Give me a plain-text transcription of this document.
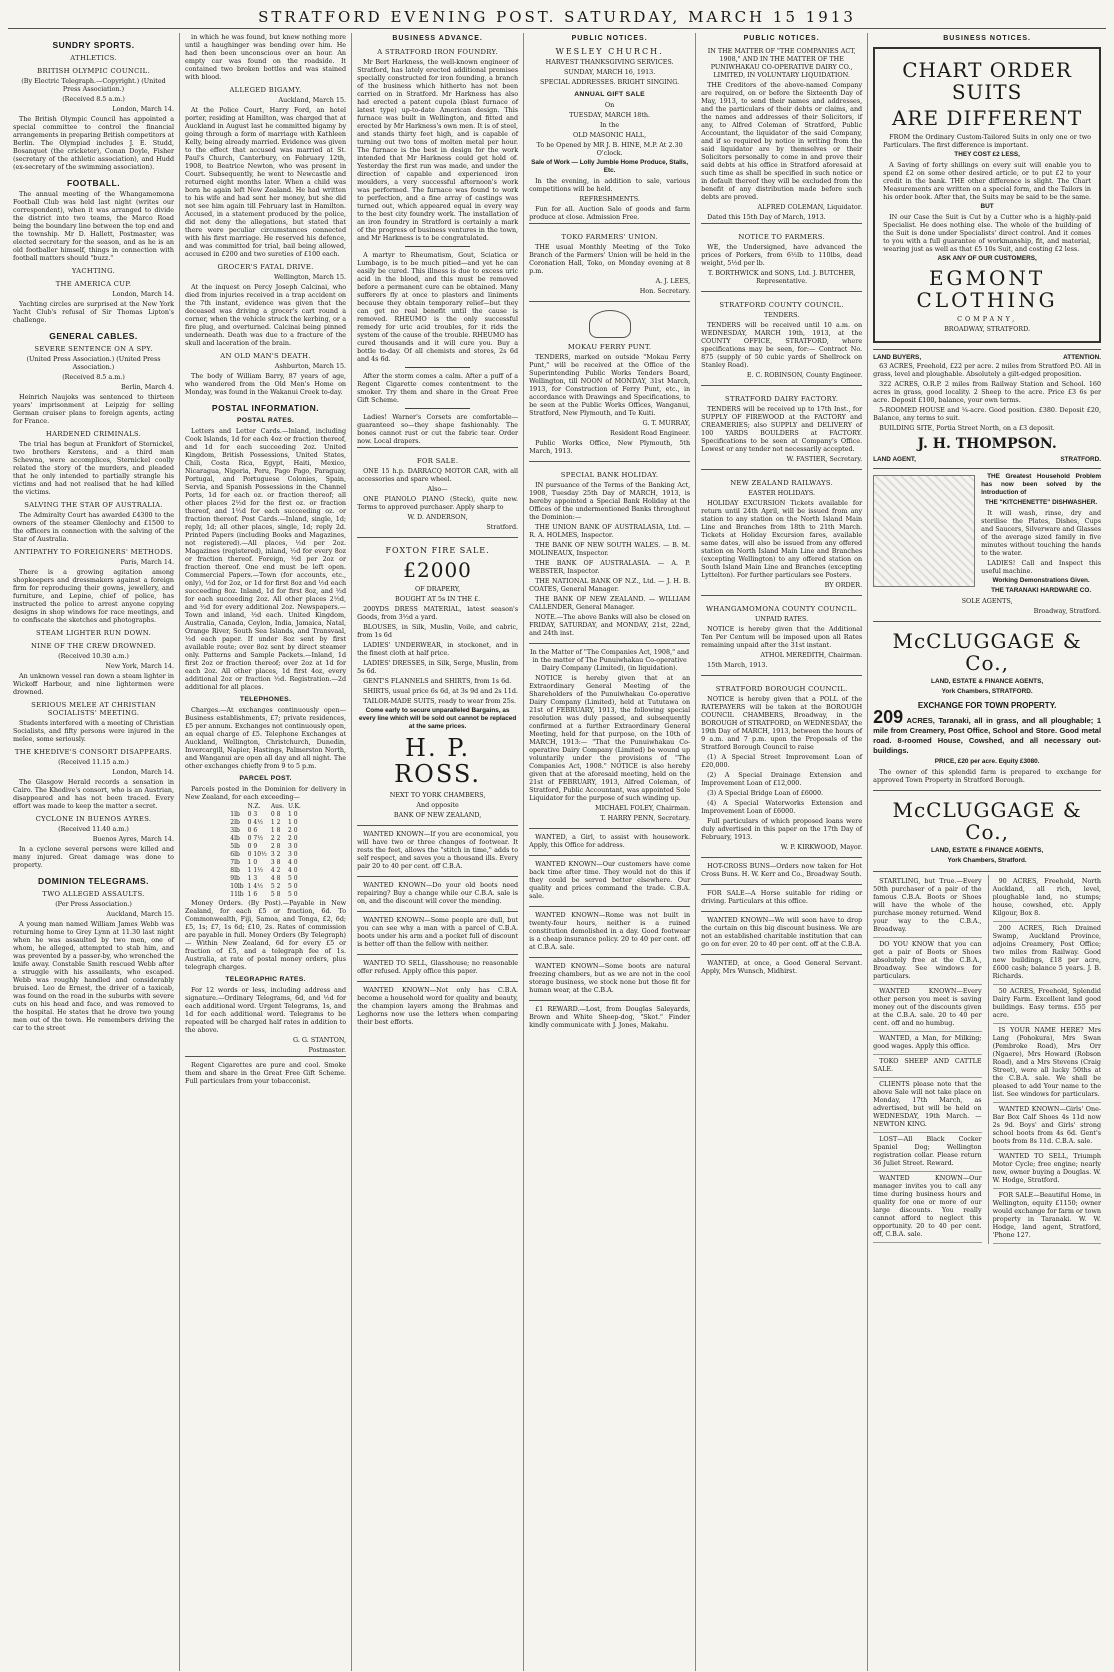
STRATFORD EVENING POST. SATURDAY, MARCH 15 1913
SUNDRY SPORTS.
ATHLETICS.
BRITISH OLYMPIC COUNCIL.

(By Electric Telegraph.—Copyright.) (United Press Association.)

(Received 8.5 a.m.)

London, March 14.

The British Olympic Council has appointed a special committee to control the financial arrangements in preparing British competitors at Berlin. The Olympiad includes J. E. Studd, Bosanquet (the cricketer), Conan Doyle, Fisher (secretary of the athletic association), and Hudd (ex-secretary of the swimming association).

FOOTBALL.

The annual meeting of the Whangamomona Football Club was held last night (writes our correspondent), when it was arranged to divide the district into two teams, the Marco Road being the boundary line between the top end and the township. Mr D. Hallett, Postmaster, was elected secretary for the season, and as he is an old footballer himself, things in connection with football matters should "buzz."

YACHTING.
THE AMERICA CUP.

London, March 14.

Yachting circles are surprised at the New York Yacht Club's refusal of Sir Thomas Lipton's challenge.

GENERAL CABLES.
SEVERE SENTENCE ON A SPY.

(United Press Association.) (United Press Association.)

(Received 8.5 a.m.)

Berlin, March 4.

Heinrich Naujoks was sentenced to thirteen years' imprisonment at Leipzig for selling German cruiser plans to foreign agents, acting for France.

HARDENED CRIMINALS.

The trial has begun at Frankfort of Sternickel, two brothers Kerstens, and a third man Schewna, were accomplices, Sternickel coolly related the story of the murders, and pleaded that he only intended to partially strangle his victims and had not realised that he had killed the victims.

SALVING THE STAR OF AUSTRALIA.

The Admiralty Court has awarded £4300 to the owners of the steamer Glenlochy and £1500 to the officers in connection with the salving of the Star of Australia.

ANTIPATHY TO FOREIGNERS' METHODS.

Paris, March 14.

There is a growing agitation among shopkeepers and dressmakers against a foreign firm for reproducing their gowns, jewellery, and furniture, and Lepine, chief of police, has instructed the police to arrest anyone copying designs in shop windows for race meetings, and to confiscate the sketches and photographs.

STEAM LIGHTER RUN DOWN.
NINE OF THE CREW DROWNED.

(Received 10.30 a.m.)

New York, March 14.

An unknown vessel ran down a steam lighter in Wickoff Harbour, and nine lightermen were drowned.

SERIOUS MELEE AT CHRISTIAN SOCIALISTS' MEETING.

Students interfered with a meeting of Christian Socialists, and fifty persons were injured in the melee, some seriously.

THE KHEDIVE'S CONSORT DISAPPEARS.

(Received 11.15 a.m.)

London, March 14.

The Glasgow Herald records a sensation in Cairo. The Khedive's consort, who is an Austrian, disappeared and has not been traced. Every effort was made to keep the matter a secret.

CYCLONE IN BUENOS AYRES.

(Received 11.40 a.m.)

Buenos Ayres, March 14.

In a cyclone several persons were killed and many injured. Great damage was done to property.

DOMINION TELEGRAMS.
TWO ALLEGED ASSAULTS.

(Per Press Association.)

Auckland, March 15.

A young man named William James Webb was returning home to Grey Lynn at 11.30 last night when he was assaulted by two men, one of whom, he alleged, attempted to stab him, and was prevented by a passer-by, who wrenched the knife away. Constable Smith rescued Webb after a struggle with his assailants, who escaped. Webb was roughly handled and considerably bruised. Leo de Ernest, the driver of a taxicab, was found on the road in the suburbs with severe cuts on his head and face, and was removed to the hospital. He states that he drove two young men out of the town. He remembers driving the car to the street

in which he was found, but knew nothing more until a haughinger was bending over him. He had then been unconscious over an hour. An empty car was found on the roadside. It contained two broken bottles and was stained with blood.

ALLEGED BIGAMY.

Auckland, March 15.

At the Police Court, Harry Ford, an hotel porter, residing at Hamilton, was charged that at Auckland in August last he committed bigamy by going through a form of marriage with Kathleen Kelly, being already married. Evidence was given to the effect that accused was married at St. Paul's Church, Canterbury, on February 12th, 1908, to Beatrice Newton, who was present in Court. Subsequently, he went to Newcastle and returned eight months later. When a child was born he again left New Zealand. He had written to his wife and had sent her money, but she did not see him again till February last in Hamilton. Accused, in a statement produced by the police, did not deny the allegations, but stated that there were peculiar circumstances connected with his first marriage. He reserved his defence, and was committed for trial, bail being allowed, accused in £200 and two sureties of £100 each.

GROCER'S FATAL DRIVE.

Wellington, March 15.

At the inquest on Percy Joseph Calcinai, who died from injuries received in a trap accident on the 7th instant, evidence was given that the deceased was driving a grocer's cart round a corner, when the vehicle struck the kerbing, or a fire plug, and overturned. Calcinai being pinned underneath. Death was due to a fracture of the skull and laceration of the brain.

AN OLD MAN'S DEATH.

Ashburton, March 15.

The body of William Barry, 87 years of age, who wandered from the Old Men's Home on Monday, was found in the Wakanui Creek to-day.

POSTAL INFORMATION.
POSTAL RATES.

Letters and Letter Cards.—Inland, including Cook Islands, 1d for each 4oz or fraction thereof, and 1d for each succeeding 2oz. United Kingdom, British Possessions, United States, Chili, Costa Rica, Egypt, Haiti, Mexico, Nicaragua, Nigeria, Peru, Pago Pago, Paraguay, Portugal, and Portuguese Colonies, Spain, Servia, and Spanish Possessions in the Channel Ports, 1d for each oz. or fraction thereof; all other places 2½d for the first oz. or fraction thereof, and 1½d for each succeeding oz. or fraction thereof. Post Cards.—Inland, single, 1d; reply, 1d; all other places, single, 1d; reply 2d. Printed Papers (including Books and Magazines, not registered).—All places, ½d per 2oz. Magazines (registered), inland, ½d for every 8oz or fraction thereof. Foreign, ½d per 2oz or fraction thereof. One end must be left open. Commercial Papers.—Town (for accounts, etc., only), ½d for 2oz, or 1d for first 8oz and ½d each succeeding 8oz. Inland, 1d for first 8oz, and ½d for each succeeding 2oz. All other places 2½d, and ½d for every additional 2oz. Newspapers.—Town and inland, ½d each. United Kingdom, Australia, Canada, Ceylon, India, Jamaica, Natal, Orange River, South Sea Islands, and Transvaal, ½d each paper. If under 8oz sent by first available route; over 8oz sent by direct steamer only. Patterns and Sample Packets.—Inland, 1d first 2oz or fraction thereof; over 2oz at 1d for each 2oz. All other places, 1d first 4oz, every additional 2oz or fraction ½d. Registration.—2d additional for all places.

TELEPHONES.

Charges.—At exchanges continuously open—Business establishments, £7; private residences, £5 per annum. Exchanges not continuously open, an equal charge of £5. Telephone Exchanges at Auckland, Wellington, Christchurch, Dunedin, Invercargill, Napier, Hastings, Palmerston North, and Wanganui are open all day and all night. The other exchanges chiefly from 9 to 5 p.m.

PARCEL POST.

Parcels posted in the Dominion for delivery in New Zealand, for each exceeding—

	N.Z.	Aus.	U.K.
1lb	0 3	0 8	1 0
2lb	0 4½	1 2	1 0
3lb	0 6	1 8	2 0
4lb	0 7½	2 2	2 0
5lb	0 9	2 8	3 0
6lb	0 10½	3 2	3 0
7lb	1 0	3 8	4 0
8lb	1 1½	4 2	4 0
9lb	1 3	4 8	5 0
10lb	1 4½	5 2	5 0
11lb	1 6	5 8	5 0

Money Orders. (By Post).—Payable in New Zealand, for each £5 or fraction, 6d. To Commonwealth, Fiji, Samoa, and Tonga, £2, 6d; £5, 1s; £7, 1s 6d; £10, 2s. Rates of commission are payable in full. Money Orders (By Telegraph) — Within New Zealand, 6d for every £5 or fraction of £5, and a telegraph fee of 1s. Australia, at rate of postal money orders, plus telegraph charges.

TELEGRAPHIC RATES.

For 12 words or less, including address and signature.—Ordinary Telegrams, 6d, and ½d for each additional word. Urgent Telegrams, 1s, and 1d for each additional word. Telegrams to be repeated will be charged half rates in addition to the above.

G. G. STANTON,

Postmaster.

Regent Cigarettes are pure and cool. Smoke them and share in the Great Free Gift Scheme. Full particulars from your tobacconist.

BUSINESS ADVANCE.
A STRATFORD IRON FOUNDRY.

Mr Bert Harkness, the well-known engineer of Stratford, has lately erected additional premises specially constructed for iron founding, a branch of the business which hitherto has not been carried on in Stratford. Mr Harkness has also had erected a patent cupola (blast furnace of latest type) up-to-date American design. This furnace was built in Wellington, and fitted and erected by Mr Harkness's own men. It is of steel, and stands thirty feet high, and is capable of turning out two tons of molten metal per hour. The furnace is the best in design for the work intended that Mr Harkness could get hold of. Yesterday the first run was made, and under the direction of capable and experienced iron moulders, a very successful afternoon's work was performed. The furnace was found to work to perfection, and a fine array of castings was turned out, which appeared equal in every way to the best city foundry work. The installation of an iron foundry in Stratford is certainly a mark of the progress of business ventures in the town, and Mr Harkness is to be congratulated.

A martyr to Rheumatism, Gout, Sciatica or Lumbago, is to be much pitied—and yet he can easily be cured. This illness is due to excess uric acid in the blood, and this must be removed before a permanent cure can be obtained. Many sufferers fly at once to plasters and liniments because they obtain temporary relief—but they can get no real benefit until the cause is removed. RHEUMO is the only successful remedy for uric acid troubles, for it rids the system of the cause of the trouble. RHEUMO has cured thousands and it will cure you. Buy a bottle to-day. Of all chemists and stores, 2s 6d and 4s 6d.

After the storm comes a calm. After a puff of a Regent Cigarette comes contentment to the smoker. Try them and share in the Great Free Gift Scheme.

Ladies! Warner's Corsets are comfortable—guaranteed so—they shape fashionably. The bones cannot rust or cut the fabric tear. Order now. Local drapers.

FOR SALE.

ONE 15 h.p. DARRACQ MOTOR CAR, with all accessories and spare wheel.

Also—

ONE PIANOLO PIANO (Steck), quite new. Terms to approved purchaser. Apply sharp to

W. D. ANDERSON,

Stratford.

FOXTON FIRE SALE.
£2000

OF DRAPERY,

BOUGHT AT 5s IN THE £.

200YDS DRESS MATERIAL, latest season's Goods, from 3½d a yard.

BLOUSES, in Silk, Muslin, Voile, and cabric, from 1s 6d

LADIES' UNDERWEAR, in stockonet, and in the finest cloth at half price.

LADIES' DRESSES, in Silk, Serge, Muslin, from 5s 6d.

GENT'S FLANNELS and SHIRTS, from 1s 6d.

SHIRTS, usual price 6s 6d, at 3s 9d and 2s 11d.

TAILOR-MADE SUITS, ready to wear from 25s.

Come early to secure unparalleled Bargains, as every line which will be sold out cannot be replaced at the same prices.

H. P. ROSS.

NEXT TO YORK CHAMBERS,

And opposite

BANK OF NEW ZEALAND,

WANTED KNOWN—If you are economical, you will have two or three changes of footwear. It rests the feet, allows the "stitch in time," adds to self respect, and saves you a thousand ills. Every pair 20 to 40 per cent. off C.B.A.

WANTED KNOWN—Do your old boots need repairing? Buy a change while our C.B.A. sale is on, and the discount will cover the mending.

WANTED KNOWN—Some people are dull, but you can see why a man with a parcel of C.B.A. boots under his arm and a pocket full of discount is better off than the fellow with neither.

WANTED TO SELL, Glasshouse; no reasonable offer refused. Apply office this paper.

WANTED KNOWN—Not only has C.B.A. become a household word for quality and beauty, the champion layers among the Brahmas and Leghorns now use the letters when comparing their best efforts.

PUBLIC NOTICES.
WESLEY CHURCH.

HARVEST THANKSGIVING SERVICES.

SUNDAY, MARCH 16, 1913.

SPECIAL ADDRESSES. BRIGHT SINGING.

ANNUAL GIFT SALE

On

TUESDAY, MARCH 18th.

In the

OLD MASONIC HALL,

To be Opened by MR J. B. HINE, M.P. At 2.30 O'clock.

Sale of Work — Lolly Jumble Home Produce, Stalls, Etc.

In the evening, in addition to sale, various competitions will be held.

REFRESHMENTS.

Fun for all. Auction Sale of goods and farm produce at close. Admission Free.

TOKO FARMERS' UNION.

THE usual Monthly Meeting of the Toko Branch of the Farmers' Union will be held in the Coronation Hall, Toko, on Monday evening at 8 p.m.

A. J. LEES,

Hon. Secretary.

MOKAU FERRY PUNT.

TENDERS, marked on outside "Mokau Ferry Punt," will be received at the Office of the Superintending Public Works Tenders Board, Wellington, till NOON of MONDAY, 31st March, 1913, for Construction of Ferry Punt, etc., in accordance with Drawings and Specifications, to be seen at the Public Works Offices, Wanganui, Stratford, New Plymouth, and Te Kuiti.

G. T. MURRAY,

Resident Road Engineer.

Public Works Office, New Plymouth, 5th March, 1913.

SPECIAL BANK HOLIDAY.

IN pursuance of the Terms of the Banking Act, 1908, Tuesday 25th Day of MARCH, 1913, is hereby appointed a Special Bank Holiday at the Offices of the undermentioned Banks throughout the Dominion:—

THE UNION BANK OF AUSTRALASIA, Ltd. — R. A. HOLMES, Inspector.

THE BANK OF NEW SOUTH WALES. — B. M. MOLINEAUX, Inspector.

THE BANK OF AUSTRALASIA. — A. P. WEBSTER, Inspector.

THE NATIONAL BANK OF N.Z., Ltd. — J. H. B. COATES, General Manager.

THE BANK OF NEW ZEALAND. — WILLIAM CALLENDER, General Manager.

NOTE.—The above Banks will also be closed on FRIDAY, SATURDAY, and MONDAY, 21st, 22nd, and 24th inst.

In the Matter of "The Companies Act, 1908," and in the matter of The Punuiwhakau Co-operative Dairy Company (Limited), (in liquidation).

NOTICE is hereby given that at an Extraordinary General Meeting of the Shareholders of the Punuiwhakau Co-operative Dairy Company (Limited), held at Tututawa on 21st of FEBRUARY, 1913, the following special resolution was duly passed, and subsequently confirmed at a further Extraordinary General Meeting, held for that purpose, on the 10th of MARCH, 1913:— "That the Punuiwhakau Co-operative Dairy Company (Limited) be wound up voluntarily under the provisions of "The Companies Act, 1908." NOTICE is also hereby given that at the aforesaid meeting, held on the 21st of FEBRUARY, 1913, Alfred Coleman, of Stratford, Public Accountant, was appointed Sole Liquidator for the purpose of such winding up.

MICHAEL FOLEY, Chairman.

T. HARRY PENN, Secretary.

WANTED, a Girl, to assist with housework. Apply, this Office for address.

WANTED KNOWN—Our customers have come back time after time. They would not do this if they could be served better elsewhere. Our quality and prices command the trade. C.B.A. sale.

WANTED KNOWN—Rome was not built in twenty-four hours, neither is a ruined constitution demolished in a day. Good footwear is a cheap insurance policy. 20 to 40 per cent. off at C.B.A. sale.

WANTED KNOWN—Some boots are natural freezing chambers, but as we are not in the cool storage business, we stock none but those fit for human wear, at the C.B.A.

£1 REWARD.—Lost, from Douglas Saleyards, Brown and White Sheep-dog, "Skot." Finder kindly communicate with J. Jones, Makahu.

PUBLIC NOTICES.

IN THE MATTER OF "THE COMPANIES ACT, 1908," AND IN THE MATTER OF THE PUNIWHAKAU CO-OPERATIVE DAIRY CO., LIMITED, IN VOLUNTARY LIQUIDATION.

THE Creditors of the above-named Company are required, on or before the Sixteenth Day of May, 1913, to send their names and addresses, and the particulars of their debts or claims, and the names and addresses of their Solicitors, if any, to Alfred Coleman of Stratford, Public Accountant, the liquidator of the said Company, and if so required by notice in writing from the said liquidator are by themselves or their Solicitors personally to come in and prove their said debts at his office in Stratford aforesaid at such time as shall be specified in such notice or in default thereof they will be excluded from the benefit of any distribution made before such debts are proved.

ALFRED COLEMAN, Liquidator.

Dated this 15th Day of March, 1913.

NOTICE TO FARMERS.

WE, the Undersigned, have advanced the prices of Porkers, from 6½lb to 110lbs, dead weight, 5½d per lb.

T. BORTHWICK and SONS, Ltd. J. BUTCHER, Representative.

STRATFORD COUNTY COUNCIL.

TENDERS.

TENDERS will be received until 10 a.m. on WEDNESDAY, MARCH 19th, 1913, at the COUNTY OFFICE, STRATFORD, where specifications may be seen, for:— Contract No. 875 (supply of 50 cubic yards of Shellrock on Stanley Road).

E. C. ROBINSON, County Engineer.

STRATFORD DAIRY FACTORY.

TENDERS will be received up to 17th Inst., for SUPPLY OF FIREWOOD at the FACTORY and CREAMERIES; also SUPPLY and DELIVERY of 100 YARDS BOULDERS at FACTORY. Specifications to be seen at Company's Office. Lowest or any tender not necessarily accepted.

W. FASTIER, Secretary.

NEW ZEALAND RAILWAYS.

EASTER HOLIDAYS.

HOLIDAY EXCURSION Tickets available for return until 24th April, will be issued from any station to any station on the North Island Main Line and Branches from 18th to 21th March. Tickets at Holiday Excursion fares, available same dates, will also be issued from any offered station on North Island Main Line and Branches (excepting Wellington) to any offered station on South Island Main Line and Branches (excepting Lyttelton). For further particulars see Posters.

BY ORDER.

WHANGAMOMONA COUNTY COUNCIL.

UNPAID RATES.

NOTICE is hereby given that the Additional Ten Per Centum will be imposed upon all Rates remaining unpaid after the 31st instant.

ATHOL MEREDITH, Chairman.

15th March, 1913.

STRATFORD BOROUGH COUNCIL.

NOTICE is hereby given that a POLL of the RATEPAYERS will be taken at the BOROUGH COUNCIL CHAMBERS, Broadway, in the BOROUGH of STRATFORD, on WEDNESDAY, the 19th Day of MARCH, 1913, between the hours of 9 a.m. and 7 p.m. upon the Proposals of the Stratford Borough Council to raise

(1) A Special Street Improvement Loan of £20,000.

(2) A Special Drainage Extension and Improvement Loan of £12,000.

(3) A Special Bridge Loan of £6000.

(4) A Special Waterworks Extension and Improvement Loan of £6000.

Full particulars of which proposed loans were duly advertised in this paper on the 17th Day of February, 1913.

W. P. KIRKWOOD, Mayor.

HOT-CROSS BUNS—Orders now taken for Hot Cross Buns. H. W. Kerr and Co., Broadway South.

FOR SALE—A Horse suitable for riding or driving. Particulars at this office.

WANTED KNOWN—We will soon have to drop the curtain on this big discount business. We are not an established charitable institution that can go on for ever. 20 to 40 per cent. off at the C.B.A.

WANTED, at once, a Good General Servant. Apply, Mrs Wunsch, Midhirst.

BUSINESS NOTICES.
CHART ORDER SUITS
ARE DIFFERENT

FROM the Ordinary Custom-Tailored Suits in only one or two Particulars. The first difference is important.

THEY COST £2 LESS,

A Saving of forty shillings on every suit will enable you to spend £2 on some other desired article, or to put £2 to your credit in the bank. THE other difference is slight. The Chart Measurements are written on a special form, and the Tailors in his order book. After that, the Suits may be said to be the same.

BUT

IN our Case the Suit is Cut by a Cutter who is a highly-paid Specialist. He does nothing else. The whole of the building of the Suit is done under Specialists' direct control. And it comes to you with a full guarantee of workmanship, fit, and material, wearing just as well as that £5 10s Suit, and costing £2 less.

ASK ANY OF OUR CUSTOMERS,

EGMONT CLOTHING

COMPANY,

BROADWAY, STRATFORD.

LAND BUYERS,	ATTENTION.

63 ACRES, Freehold, £22 per acre. 2 miles from Stratford P.O. All in grass, level and ploughable. Absolutely a gilt-edged proposition.

322 ACRES, O.R.P. 2 miles from Railway Station and School. 160 acres in grass, good locality. 2 Sheep to the acre. Price £3 6s per acre. Deposit £100, balance, your own terms.

5-ROOMED HOUSE and ¼-acre. Good position. £380. Deposit £20, Balance, any terms to suit.

BUILDING SITE, Portia Street North, on a £3 deposit.

J. H. THOMPSON.
LAND AGENT,	STRATFORD.

THE Greatest Household Problem has now been solved by the Introduction of

THE "KITCHENETTE" DISHWASHER.

It will wash, rinse, dry and sterilise the Plates, Dishes, Cups and Saucers, Silverware and Glasses of the average sized family in five minutes without touching the hands to the water.

LADIES! Call and Inspect this useful machine.

Working Demonstrations Given.

THE TARANAKI HARDWARE CO.

SOLE AGENTS,

Broadway, Stratford.

McCLUGGAGE & Co.,

LAND, ESTATE & FINANCE AGENTS,

York Chambers, STRATFORD.

EXCHANGE FOR TOWN PROPERTY.

209 ACRES, Taranaki, all in grass, and all ploughable; 1 mile from Creamery, Post Office, School and Store. Good metal road. 8-roomed House, Cowshed, and all necessary out-buildings.

PRICE, £20 per acre. Equity £3080.

The owner of this splendid farm is prepared to exchange for approved Town Property in Stratford Borough.

McCLUGGAGE & Co.,

LAND, ESTATE & FINANCE AGENTS,

York Chambers, Stratford.

STARTLING, but True.—Every 50th purchaser of a pair of the famous C.B.A. Boots or Shoes will have the whole of the purchase money returned. Wend your way to the C.B.A., Broadway.

DO YOU KNOW that you can get a pair of Boots or Shoes absolutely free at the C.B.A., Broadway. See windows for particulars.

WANTED KNOWN—Every other person you meet is saving money out of the discounts given at the C.B.A. sale. 20 to 40 per cent. off and no humbug.

WANTED, a Man, for Milking; good wages. Apply this office.

TOKO SHEEP AND CATTLE SALE.

CLIENTS please note that the above Sale will not take place on Monday, 17th March, as advertised, but will be held on WEDNESDAY, 19th March. — NEWTON KING.

LOST—All Black Cocker Spaniel Dog; Wellington registration collar. Please return 36 Juliet Street. Reward.

WANTED KNOWN—Our manager invites you to call any time during business hours and quality for one or more of our large discounts. You really cannot afford to neglect this opportunity. 20 to 40 per cent. off, C.B.A. sale.

90 ACRES, Freehold, North Auckland, all rich, level, ploughable land, no stumps; house, cowshed, etc. Apply Kilgour, Box 8.

200 ACRES, Rich Drained Swamp, Auckland Province, adjoins Creamery, Post Office; two miles from Railway. Good new buildings, £18 per acre, £600 cash; balance 5 years. J. B. Richards.

50 ACRES, Freehold, Splendid Dairy Farm. Excellent land good buildings. Easy terms. £55 per acre.

IS YOUR NAME HERE? Mrs Lang (Pohokura), Mrs Swan (Pembroke Road), Mrs Orr (Ngaere), Mrs Howard (Robson Road), and a Mrs Stevens (Craig Street), were all lucky 50ths at the C.B.A. sale. We shall be pleased to add Your name to the list. See windows for particulars.

WANTED KNOWN—Girls' One-Bar Box Calf Shoes 4s 11d now 2s 9d. Boys' and Girls' strong school boots from 4s 6d. Gent's boots from 8s 11d. C.B.A. sale.

WANTED TO SELL, Triumph Motor Cycle; free engine; nearly new, owner buying a Douglas. W. W. Hodge, Stratford.

FOR SALE—Beautiful Home, in Wellington, equity £1150; owner would exchange for farm or town property in Taranaki. W. W. Hodge, land agent, Stratford, 'Phone 127.
